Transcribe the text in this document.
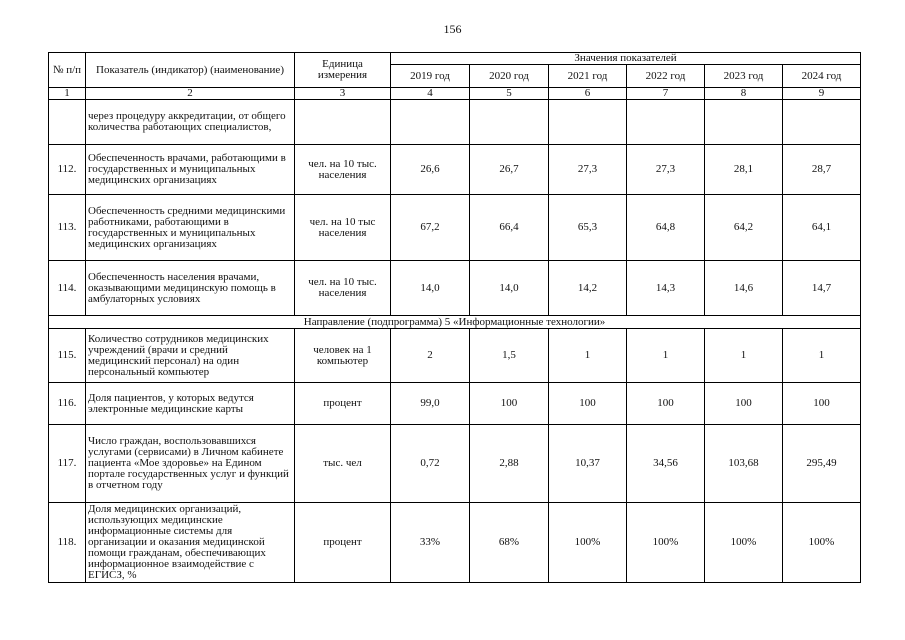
156
№ п/п	Показатель (индикатор) (наименование)	Единица измерения	Значения показателей					
			2019 год	2020 год	2021 год	2022 год	2023 год	2024 год
1	2	3	4	5	6	7	8	9
	через процедуру аккредитации, от общего количества работающих специалистов,							
112.	Обеспеченность врачами, работающими в государственных и муниципальных медицинских организациях	чел. на 10 тыс. населения	26,6	26,7	27,3	27,3	28,1	28,7
113.	Обеспеченность средними медицинскими работниками, работающими в государственных и муниципальных медицинских организациях	чел. на 10 тыс населения	67,2	66,4	65,3	64,8	64,2	64,1
114.	Обеспеченность населения врачами, оказывающими медицинскую помощь в амбулаторных условиях	чел. на 10 тыс. населения	14,0	14,0	14,2	14,3	14,6	14,7
Направление (подпрограмма) 5 «Информационные технологии»								
115.	Количество сотрудников медицинских учреждений (врачи и средний медицинский персонал) на один персональный компьютер	человек на 1 компьютер	2	1,5	1	1	1	1
116.	Доля пациентов, у которых ведутся электронные медицинские карты	процент	99,0	100	100	100	100	100
117.	Число граждан, воспользовавшихся услугами (сервисами) в Личном кабинете пациента «Мое здоровье» на Едином портале государственных услуг и функций в отчетном году	тыс. чел	0,72	2,88	10,37	34,56	103,68	295,49
118.	Доля медицинских организаций, использующих медицинские информационные системы для организации и оказания медицинской помощи гражданам, обеспечивающих информационное взаимодействие с ЕГИСЗ, %	процент	33%	68%	100%	100%	100%	100%
